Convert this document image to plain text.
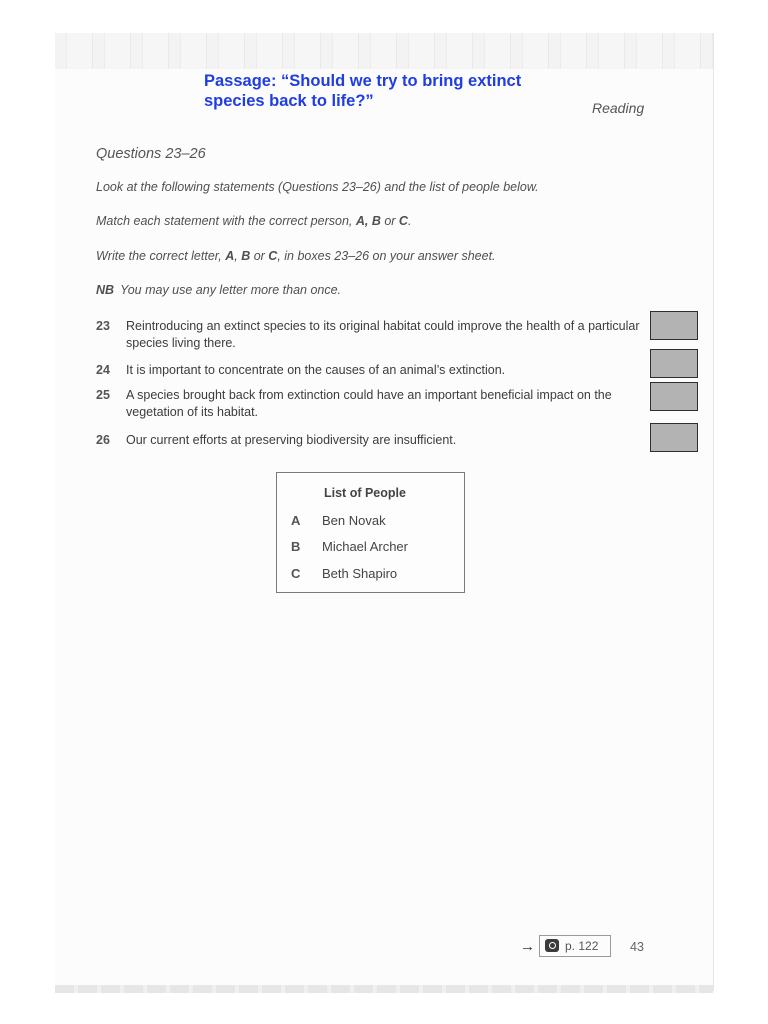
Passage: “Should we try to bring extinct
species back to life?”	Reading
Questions 23–26
Look at the following statements (Questions 23–26) and the list of people below.
Match each statement with the correct person, A, B or C.
Write the correct letter, A, B or C, in boxes 23–26 on your answer sheet.
NB You may use any letter more than once.
23 Reintroducing an extinct species to its original habitat could improve the health of a particular species living there.
24 It is important to concentrate on the causes of an animal’s extinction.
25 A species brought back from extinction could have an important beneficial impact on the vegetation of its habitat.
26 Our current efforts at preserving biodiversity are insufficient.
List of People
A Ben Novak
B Michael Archer
C Beth Shapiro
→	p. 122	43
